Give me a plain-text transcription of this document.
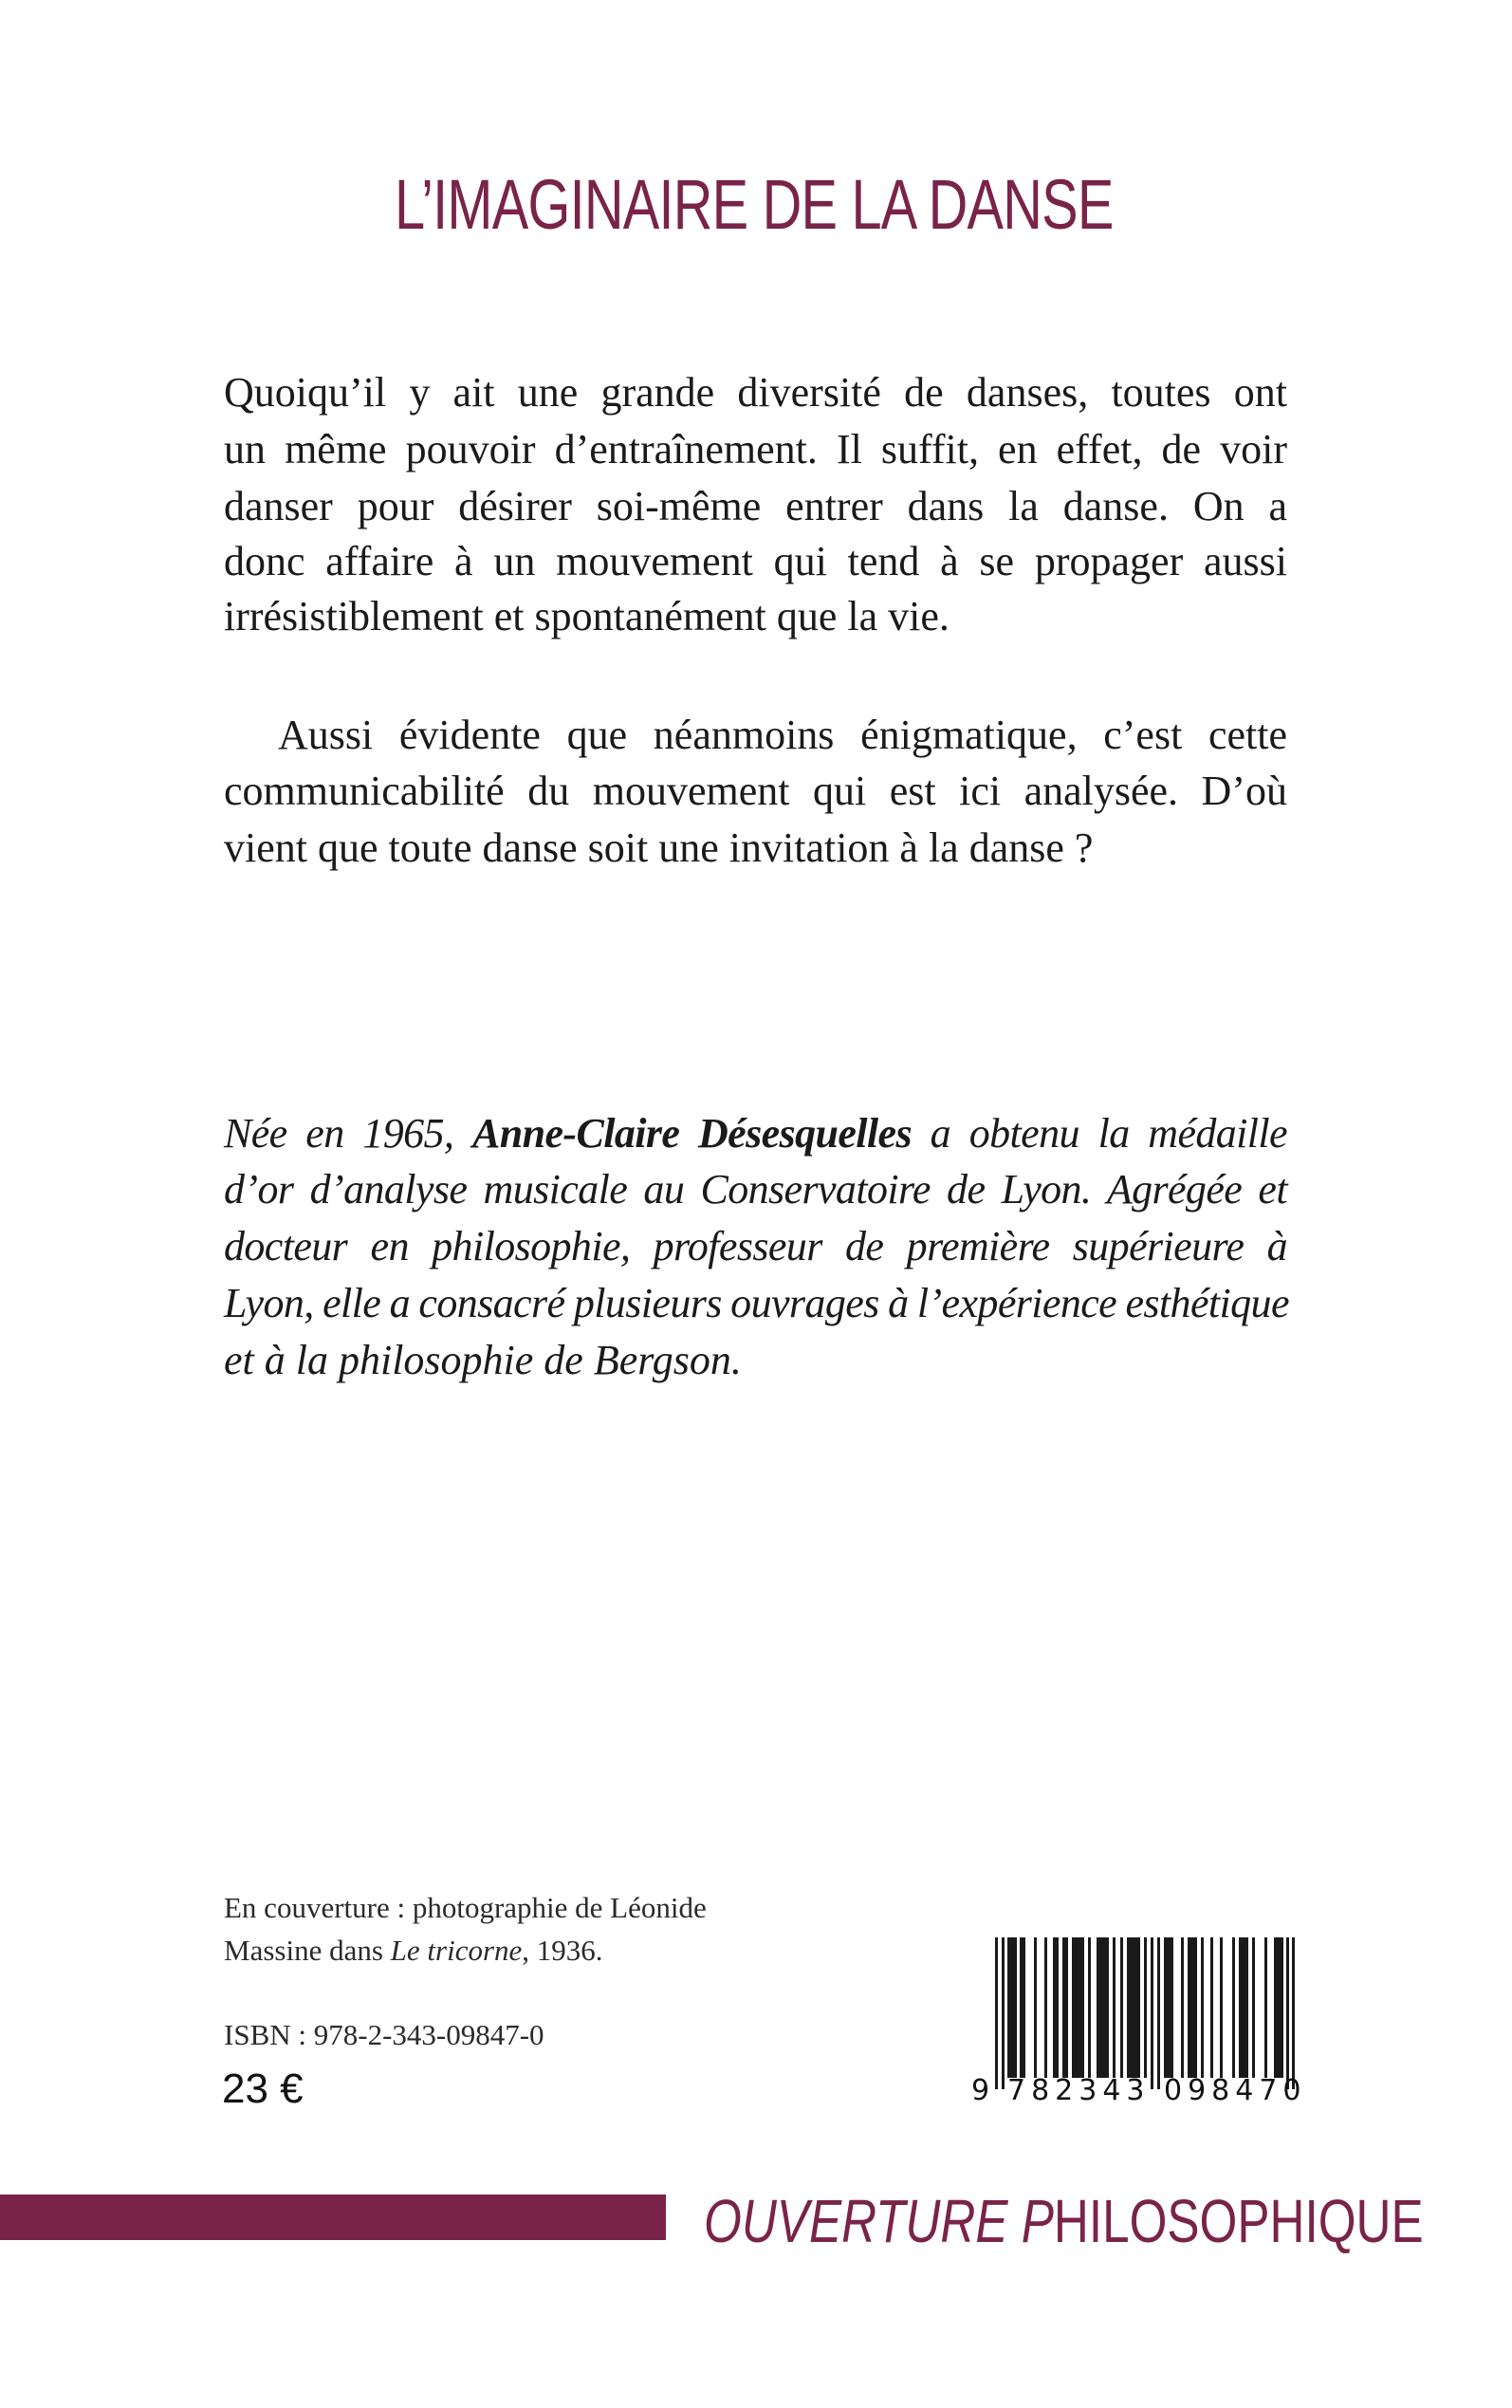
L’IMAGINAIRE DE LA DANSE
Quoiqu’il y ait une grande diversité de danses, toutes ont
un même pouvoir d’entraînement. Il suffit, en effet, de voir
danser pour désirer soi-même entrer dans la danse. On a
donc affaire à un mouvement qui tend à se propager aussi
irrésistiblement et spontanément que la vie.
Aussi évidente que néanmoins énigmatique, c’est cette
communicabilité du mouvement qui est ici analysée. D’où
vient que toute danse soit une invitation à la danse ?
Née en 1965, Anne-Claire Désesquelles a obtenu la médaille
d’or d’analyse musicale au Conservatoire de Lyon. Agrégée et
docteur en philosophie, professeur de première supérieure à
Lyon, elle a consacré plusieurs ouvrages à l’expérience esthétique
et à la philosophie de Bergson.
En couverture : photographie de Léonide
Massine dans Le tricorne, 1936.
ISBN : 978-2-343-09847-0
23 €	9 782343 098470
OUVERTURE PHILOSOPHIQUE
